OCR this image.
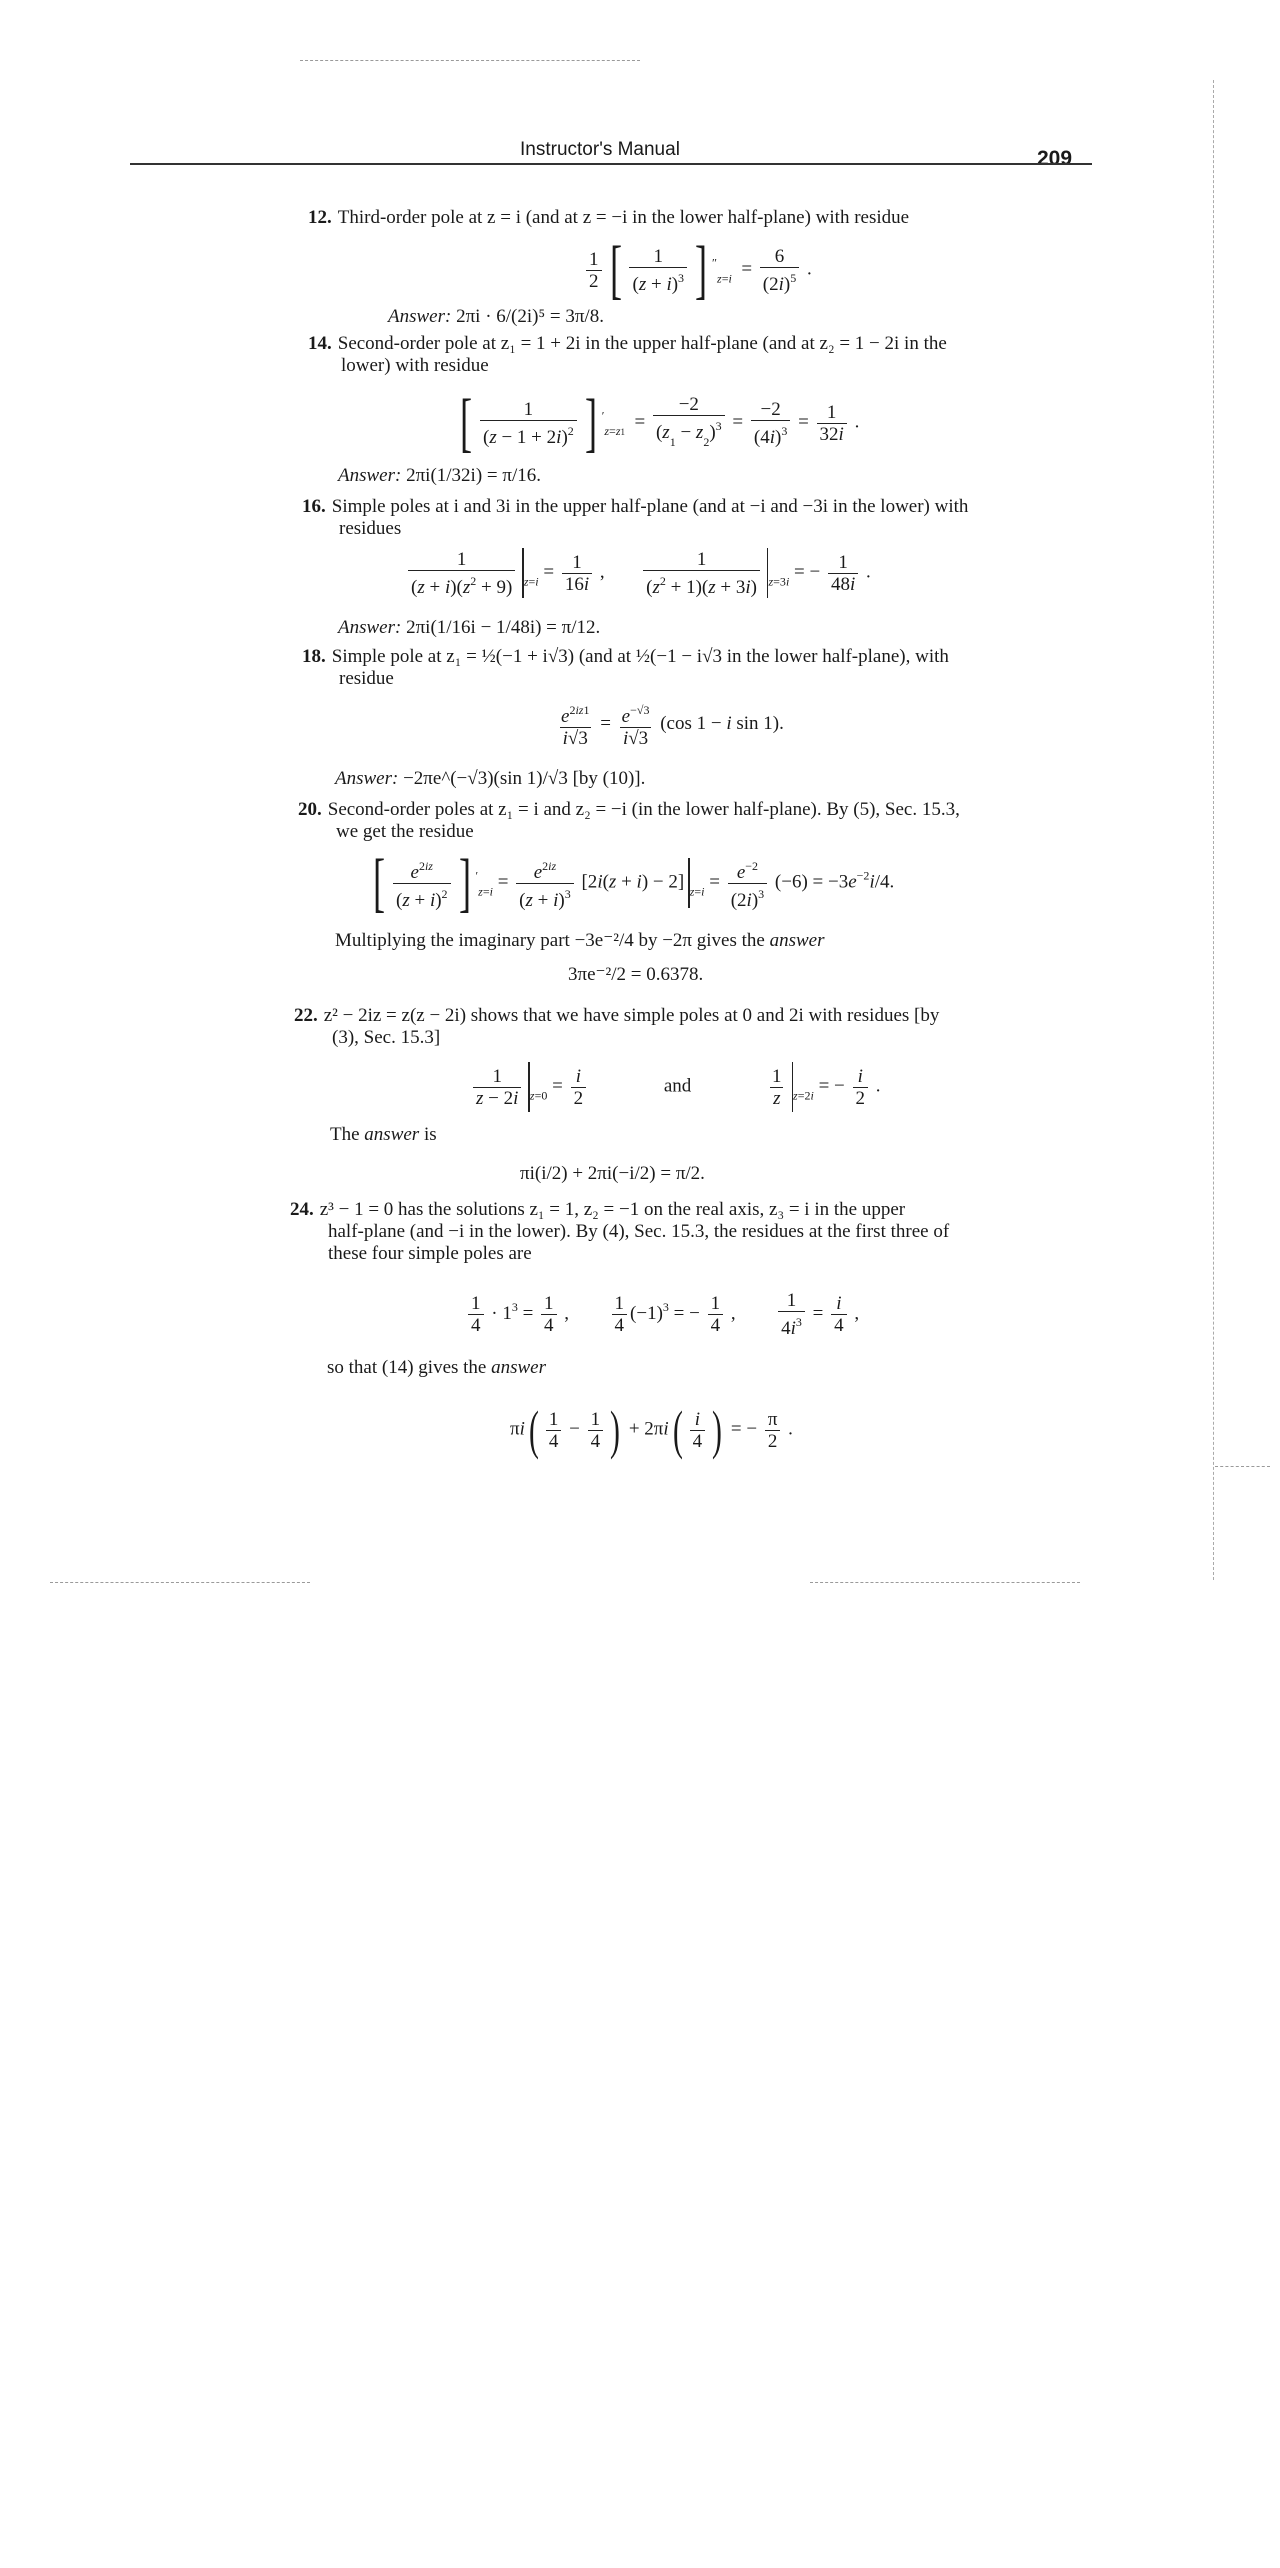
Instructor's Manual	209
12. Third-order pole at z = i (and at z = −i in the lower half-plane) with residue
$\frac{1}{2}$ [ $\frac{1}{(z + i)^3}$ ] $''_{z=i} = \frac{6}{(2i)^5}$ .
Answer: 2πi · 6/(2i)⁵ = 3π/8.
14. Second-order pole at z₁ = 1 + 2i in the upper half-plane (and at z₂ = 1 − 2i in the
lower) with residue
[ $\frac{1}{(z - 1 + 2i)^2}$ ] $'_{z=z1} = \frac{-2}{(z_1 - z_2)^3} = \frac{-2}{(4i)^3} = \frac{1}{32i}$ .
Answer: 2πi(1/32i) = π/16.
16. Simple poles at i and 3i in the upper half-plane (and at −i and −3i in the lower) with
residues
$\frac{1}{(z + i)(z^2 + 9)} _{z=i} = \frac{1}{16i}$ , $\frac{1}{(z^2 + 1)(z + 3i)} _{z=3i}$ = − $\frac{1}{48i}$ .
Answer: 2πi(1/16i − 1/48i) = π/12.
18. Simple pole at z₁ = ½(−1 + i√3) (and at ½(−1 − i√3 in the lower half-plane), with
residue
$\frac{e^{2iz1}}{i√3} = \frac{e^{-√3}}{i√3} (\cos$ 1 − i sin 1).
Answer: −2πe^(−√3)(sin 1)/√3 [by (10)].
20. Second-order poles at z₁ = i and z₂ = −i (in the lower half-plane). By (5), Sec. 15.3,
we get the residue
[ $\frac{e^{2iz}}{(z + i)^2}$ ] $'_{z=i} = \frac{e^{2iz}}{(z + i)^3} [2i(z + i) - 2] _{z=i} = \frac{e^{-2}}{(2i)^3} (-6) = -3e^{-2}i/4$.
Multiplying the imaginary part −3e⁻²/4 by −2π gives the answer
3πe⁻²/2 = 0.6378.
22. z² − 2iz = z(z − 2i) shows that we have simple poles at 0 and 2i with residues [by
(3), Sec. 15.3]
$\frac{1}{z - 2i} _{z=0} = \frac{i}{2}$	and	$\frac{1}{z} _{z=2i}$ = − $\frac{i}{2}$ .
The answer is
πi(i/2) + 2πi(−i/2) = π/2.
24. z³ − 1 = 0 has the solutions z₁ = 1, z₂ = −1 on the real axis, z₃ = i in the upper
half-plane (and −i in the lower). By (4), Sec. 15.3, the residues at the first three of
these four simple poles are
$\frac{1}{4} \cdot 1^3 = \frac{1}{4}$ , $\frac{1}{4} (-1)^3$ = − $\frac{1}{4}$ , $\frac{1}{4i^3} = \frac{i}{4}$ ,
so that (14) gives the answer
$\pi i( \frac{1}{4} - \frac{1}{4}$ ) + $2\pi i( \frac{i}{4}$ ) = − $\frac{\pi}{2}$ .
